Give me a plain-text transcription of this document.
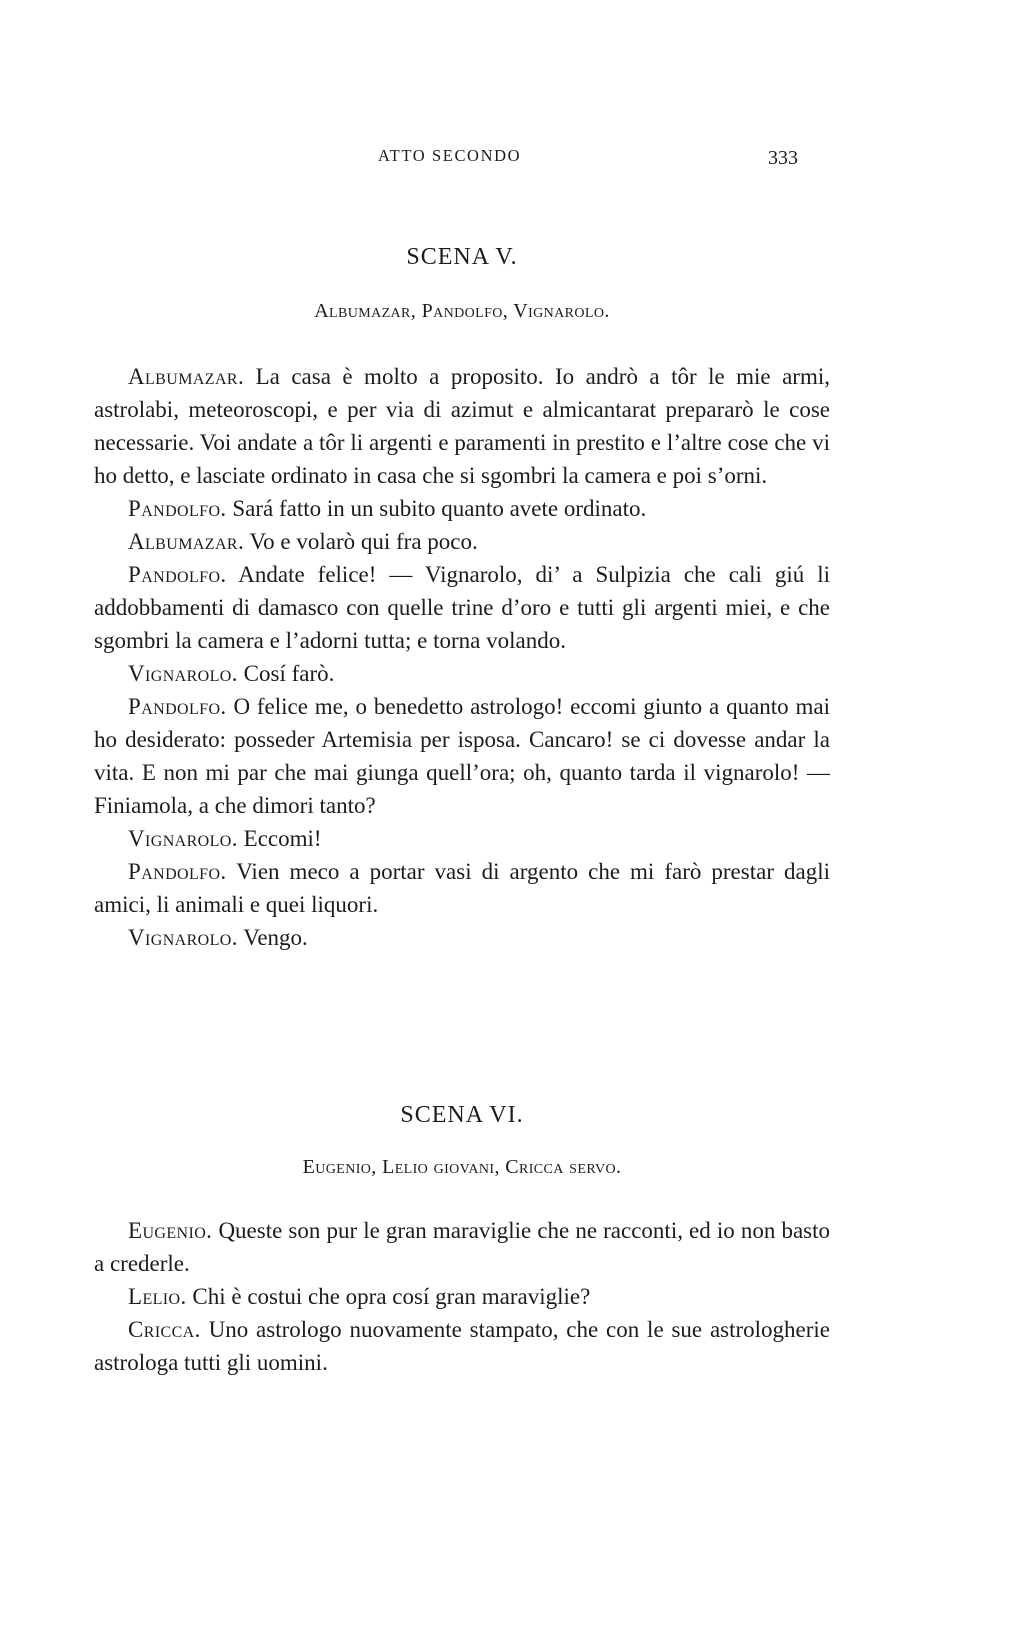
ATTO SECONDO	333

SCENA V.

Albumazar, Pandolfo, Vignarolo.

Albumazar. La casa è molto a proposito. Io andrò a tôr le mie armi, astrolabi, meteoroscopi, e per via di azimut e almicantarat prepararò le cose necessarie. Voi andate a tôr li argenti e paramenti in prestito e l’altre cose che vi ho detto, e lasciate ordinato in casa che si sgombri la camera e poi s’orni.

Pandolfo. Sará fatto in un subito quanto avete ordinato.

Albumazar. Vo e volarò qui fra poco.

Pandolfo. Andate felice! — Vignarolo, di’ a Sulpizia che cali giú li addobbamenti di damasco con quelle trine d’oro e tutti gli argenti miei, e che sgombri la camera e l’adorni tutta; e torna volando.

Vignarolo. Cosí farò.

Pandolfo. O felice me, o benedetto astrologo! eccomi giunto a quanto mai ho desiderato: posseder Artemisia per isposa. Cancaro! se ci dovesse andar la vita. E non mi par che mai giunga quell’ora; oh, quanto tarda il vignarolo! — Finiamola, a che dimori tanto?

Vignarolo. Eccomi!

Pandolfo. Vien meco a portar vasi di argento che mi farò prestar dagli amici, li animali e quei liquori.

Vignarolo. Vengo.

SCENA VI.

Eugenio, Lelio giovani, Cricca servo.

Eugenio. Queste son pur le gran maraviglie che ne racconti, ed io non basto a crederle.

Lelio. Chi è costui che opra cosí gran maraviglie?

Cricca. Uno astrologo nuovamente stampato, che con le sue astrologherie astrologa tutti gli uomini.
